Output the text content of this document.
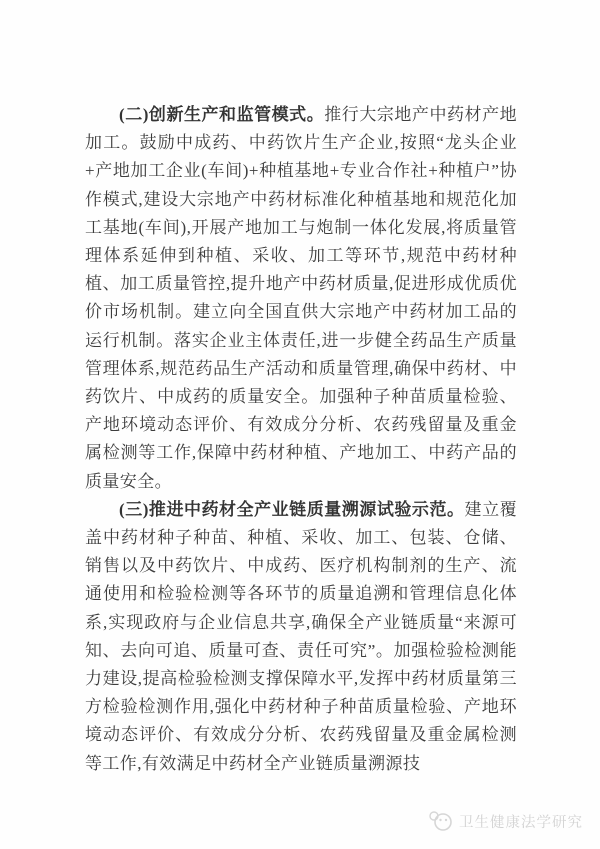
(二)创新生产和监管模式。推行大宗地产中药材产地加工。鼓励中成药、中药饮片生产企业,按照“龙头企业+产地加工企业(车间)+种植基地+专业合作社+种植户”协作模式,建设大宗地产中药材标准化种植基地和规范化加工基地(车间),开展产地加工与炮制一体化发展,将质量管理体系延伸到种植、采收、加工等环节,规范中药材种植、加工质量管控,提升地产中药材质量,促进形成优质优价市场机制。建立向全国直供大宗地产中药材加工品的运行机制。落实企业主体责任,进一步健全药品生产质量管理体系,规范药品生产活动和质量管理,确保中药材、中药饮片、中成药的质量安全。加强种子种苗质量检验、产地环境动态评价、有效成分分析、农药残留量及重金属检测等工作,保障中药材种植、产地加工、中药产品的质量安全。

(三)推进中药材全产业链质量溯源试验示范。建立覆盖中药材种子种苗、种植、采收、加工、包装、仓储、销售以及中药饮片、中成药、医疗机构制剂的生产、流通使用和检验检测等各环节的质量追溯和管理信息化体系,实现政府与企业信息共享,确保全产业链质量“来源可知、去向可追、质量可查、责任可究”。加强检验检测能力建设,提高检验检测支撑保障水平,发挥中药材质量第三方检验检测作用,强化中药材种子种苗质量检验、产地环境动态评价、有效成分分析、农药残留量及重金属检测等工作,有效满足中药材全产业链质量溯源技

卫生健康法学研究
